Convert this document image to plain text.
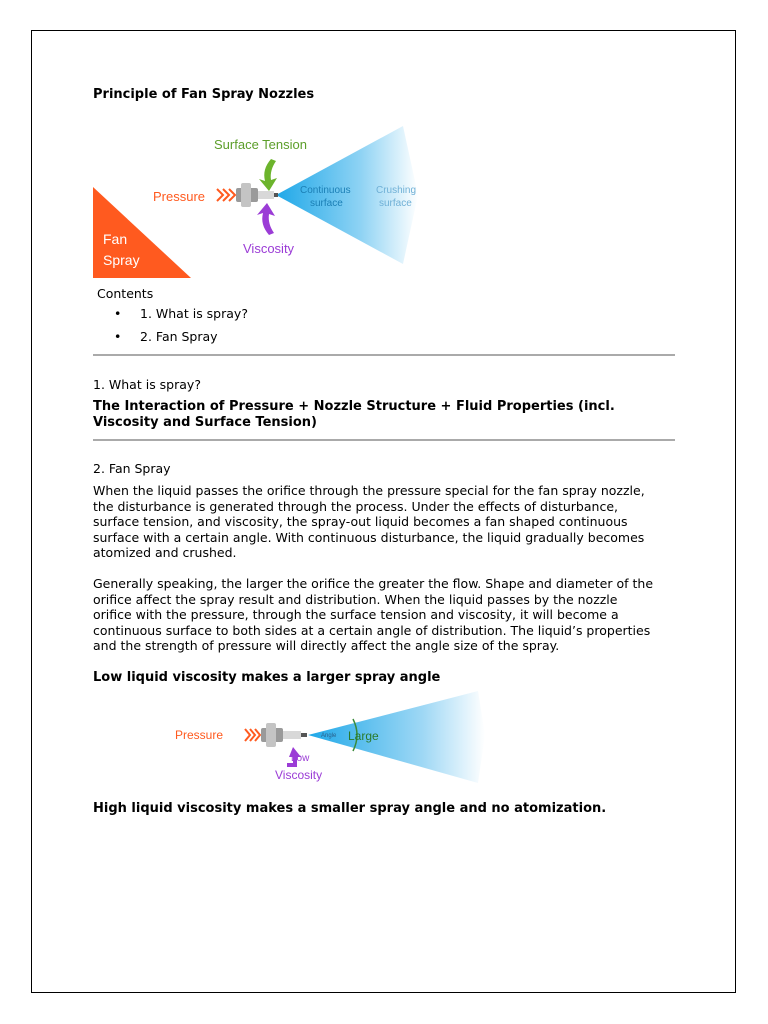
Principle of Fan Spray Nozzles
Fan
Spray
Pressure
Surface Tension
Viscosity
Continuous
surface
Crushing
surface
Contents
• 1. What is spray?
• 2. Fan Spray
1. What is spray?
The Interaction of Pressure + Nozzle Structure + Fluid Properties (incl.
Viscosity and Surface Tension)
2. Fan Spray
When the liquid passes the orifice through the pressure special for the fan spray nozzle,
the disturbance is generated through the process. Under the effects of disturbance,
surface tension, and viscosity, the spray-out liquid becomes a fan shaped continuous
surface with a certain angle. With continuous disturbance, the liquid gradually becomes
atomized and crushed.
Generally speaking, the larger the orifice the greater the flow. Shape and diameter of the
orifice affect the spray result and distribution. When the liquid passes by the nozzle
orifice with the pressure, through the surface tension and viscosity, it will become a
continuous surface to both sides at a certain angle of distribution. The liquid’s properties
and the strength of pressure will directly affect the angle size of the spray.
Low liquid viscosity makes a larger spray angle
Angle Large
Pressure
Low
Viscosity
High liquid viscosity makes a smaller spray angle and no atomization.
